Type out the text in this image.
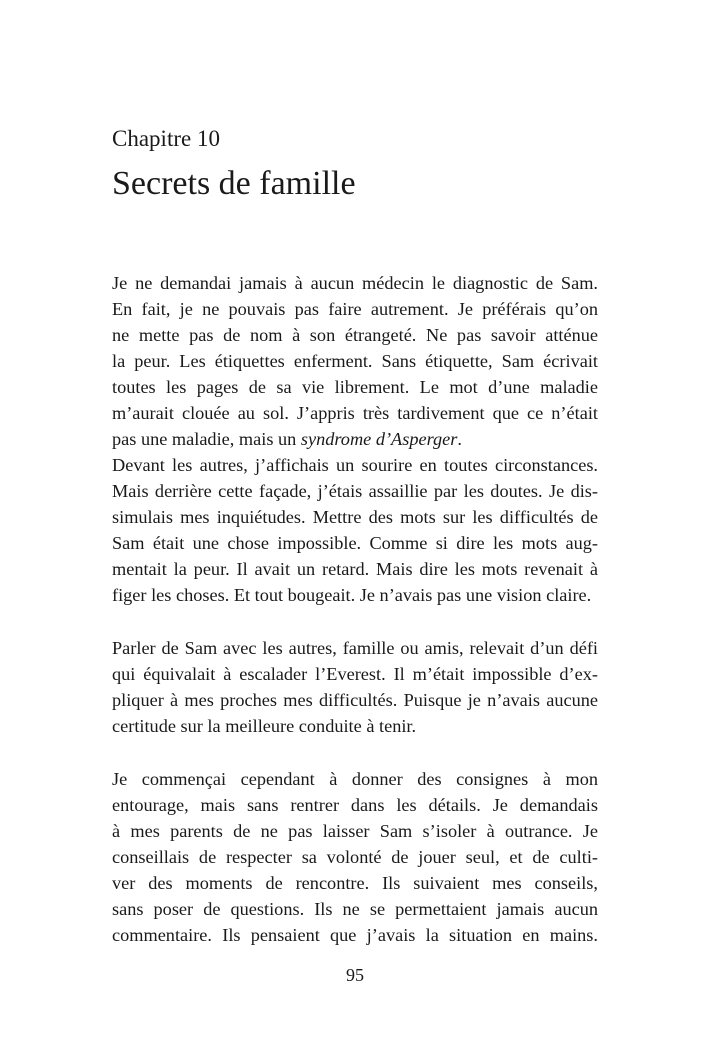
Chapitre 10
Secrets de famille
Je ne demandai jamais à aucun médecin le diagnostic de Sam.
En fait, je ne pouvais pas faire autrement. Je préférais qu’on
ne mette pas de nom à son étrangeté. Ne pas savoir atténue
la peur. Les étiquettes enferment. Sans étiquette, Sam écrivait
toutes les pages de sa vie librement. Le mot d’une maladie
m’aurait clouée au sol. J’appris très tardivement que ce n’était
pas une maladie, mais un syndrome d’Asperger.
Devant les autres, j’affichais un sourire en toutes circonstances.
Mais derrière cette façade, j’étais assaillie par les doutes. Je dis-
simulais mes inquiétudes. Mettre des mots sur les difficultés de
Sam était une chose impossible. Comme si dire les mots aug-
mentait la peur. Il avait un retard. Mais dire les mots revenait à
figer les choses. Et tout bougeait. Je n’avais pas une vision claire.
Parler de Sam avec les autres, famille ou amis, relevait d’un défi
qui équivalait à escalader l’Everest. Il m’était impossible d’ex-
pliquer à mes proches mes difficultés. Puisque je n’avais aucune
certitude sur la meilleure conduite à tenir.
Je commençai cependant à donner des consignes à mon
entourage, mais sans rentrer dans les détails. Je demandais
à mes parents de ne pas laisser Sam s’isoler à outrance. Je
conseillais de respecter sa volonté de jouer seul, et de culti-
ver des moments de rencontre. Ils suivaient mes conseils,
sans poser de questions. Ils ne se permettaient jamais aucun
commentaire. Ils pensaient que j’avais la situation en mains.
95
